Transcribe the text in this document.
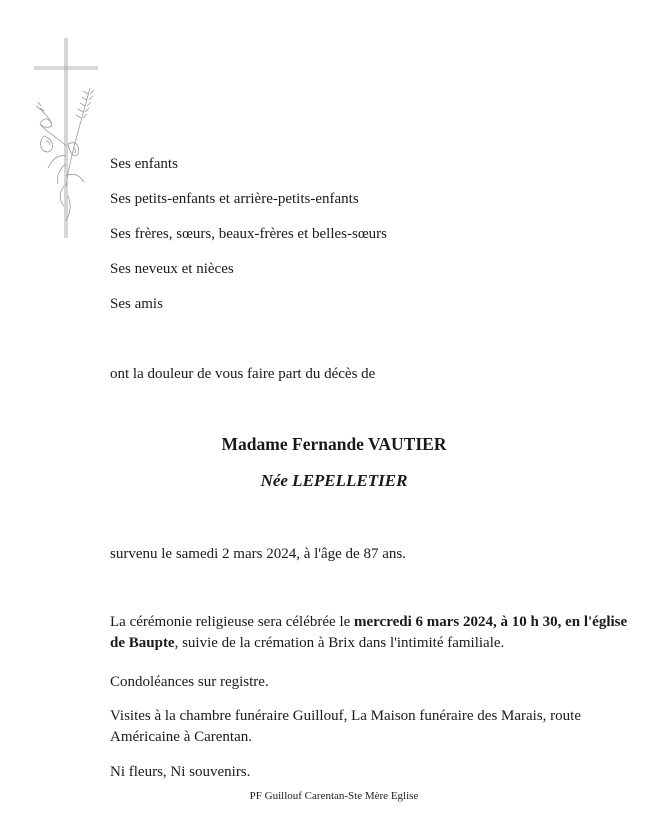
Ses enfants
Ses petits-enfants et arrière-petits-enfants
Ses frères, sœurs, beaux-frères et belles-sœurs
Ses neveux et nièces
Ses amis
ont la douleur de vous faire part du décès de
Madame Fernande VAUTIER
Née LEPELLETIER
survenu le samedi 2 mars 2024, à l'âge de 87 ans.
La cérémonie religieuse sera célébrée le mercredi 6 mars 2024, à 10 h 30, en l'église de Baupte, suivie de la crémation à Brix dans l'intimité familiale.
Condoléances sur registre.
Visites à la chambre funéraire Guillouf, La Maison funéraire des Marais, route Américaine à Carentan.
Ni fleurs, Ni souvenirs.
PF Guillouf Carentan-Ste Mère Eglise
